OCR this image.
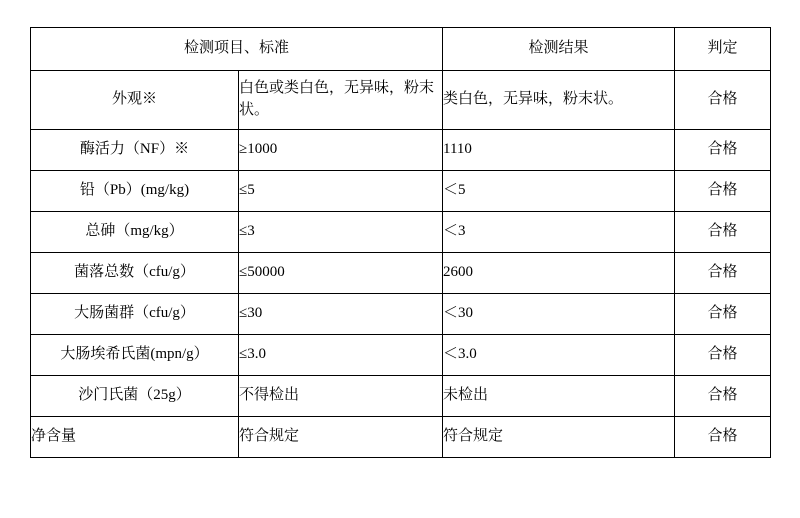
检测项目、标准		检测结果	判定
外观※	白色或类白色，无异味，粉末状。	类白色，无异味，粉末状。	合格
酶活力（NF）※	≥1000	1110	合格
铅（Pb）(mg/kg)	≤5	＜5	合格
总砷（mg/kg）	≤3	＜3	合格
菌落总数（cfu/g）	≤50000	2600	合格
大肠菌群（cfu/g）	≤30	＜30	合格
大肠埃希氏菌(mpn/g）	≤3.0	＜3.0	合格
沙门氏菌（25g）	不得检出	未检出	合格
净含量	符合规定	符合规定	合格
